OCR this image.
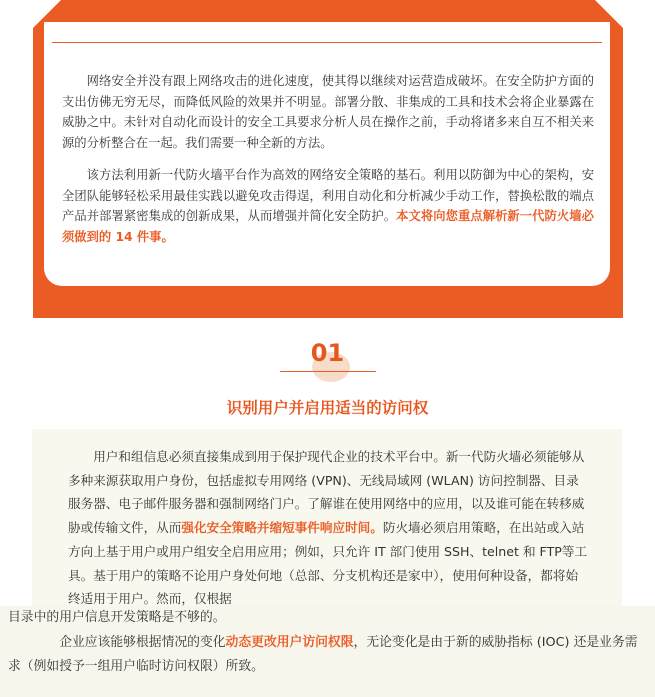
网络安全并没有跟上网络攻击的进化速度，使其得以继续对运营造成破坏。在安全防护方面的支出仿佛无穷无尽，而降低风险的效果并不明显。部署分散、非集成的工具和技术会将企业暴露在威胁之中。未针对自动化而设计的安全工具要求分析人员在操作之前，手动将诸多来自互不相关来源的分析整合在一起。我们需要一种全新的方法。

该方法利用新一代防火墙平台作为高效的网络安全策略的基石。利用以防御为中心的架构，安全团队能够轻松采用最佳实践以避免攻击得逞，利用自动化和分析减少手动工作，替换松散的端点产品并部署紧密集成的创新成果，从而增强并简化安全防护。本文将向您重点解析新一代防火墙必须做到的 14 件事。

01
识别用户并启用适当的访问权

用户和组信息必须直接集成到用于保护现代企业的技术平台中。新一代防火墙必须能够从多种来源获取用户身份，包括虚拟专用网络 (VPN)、无线局域网 (WLAN) 访问控制器、目录服务器、电子邮件服务器和强制网络门户。了解谁在使用网络中的应用，以及谁可能在转移威胁或传输文件，从而强化安全策略并缩短事件响应时间。防火墙必须启用策略，在出站或入站方向上基于用户或用户组安全启用应用；例如，只允许 IT 部门使用 SSH、telnet 和 FTP等工具。基于用户的策略不论用户身处何地（总部、分支机构还是家中），使用何种设备，都将始终适用于用户。然而，仅根据

目录中的用户信息开发策略是不够的。

企业应该能够根据情况的变化动态更改用户访问权限，无论变化是由于新的威胁指标 (IOC) 还是业务需求（例如授予一组用户临时访问权限）所致。
